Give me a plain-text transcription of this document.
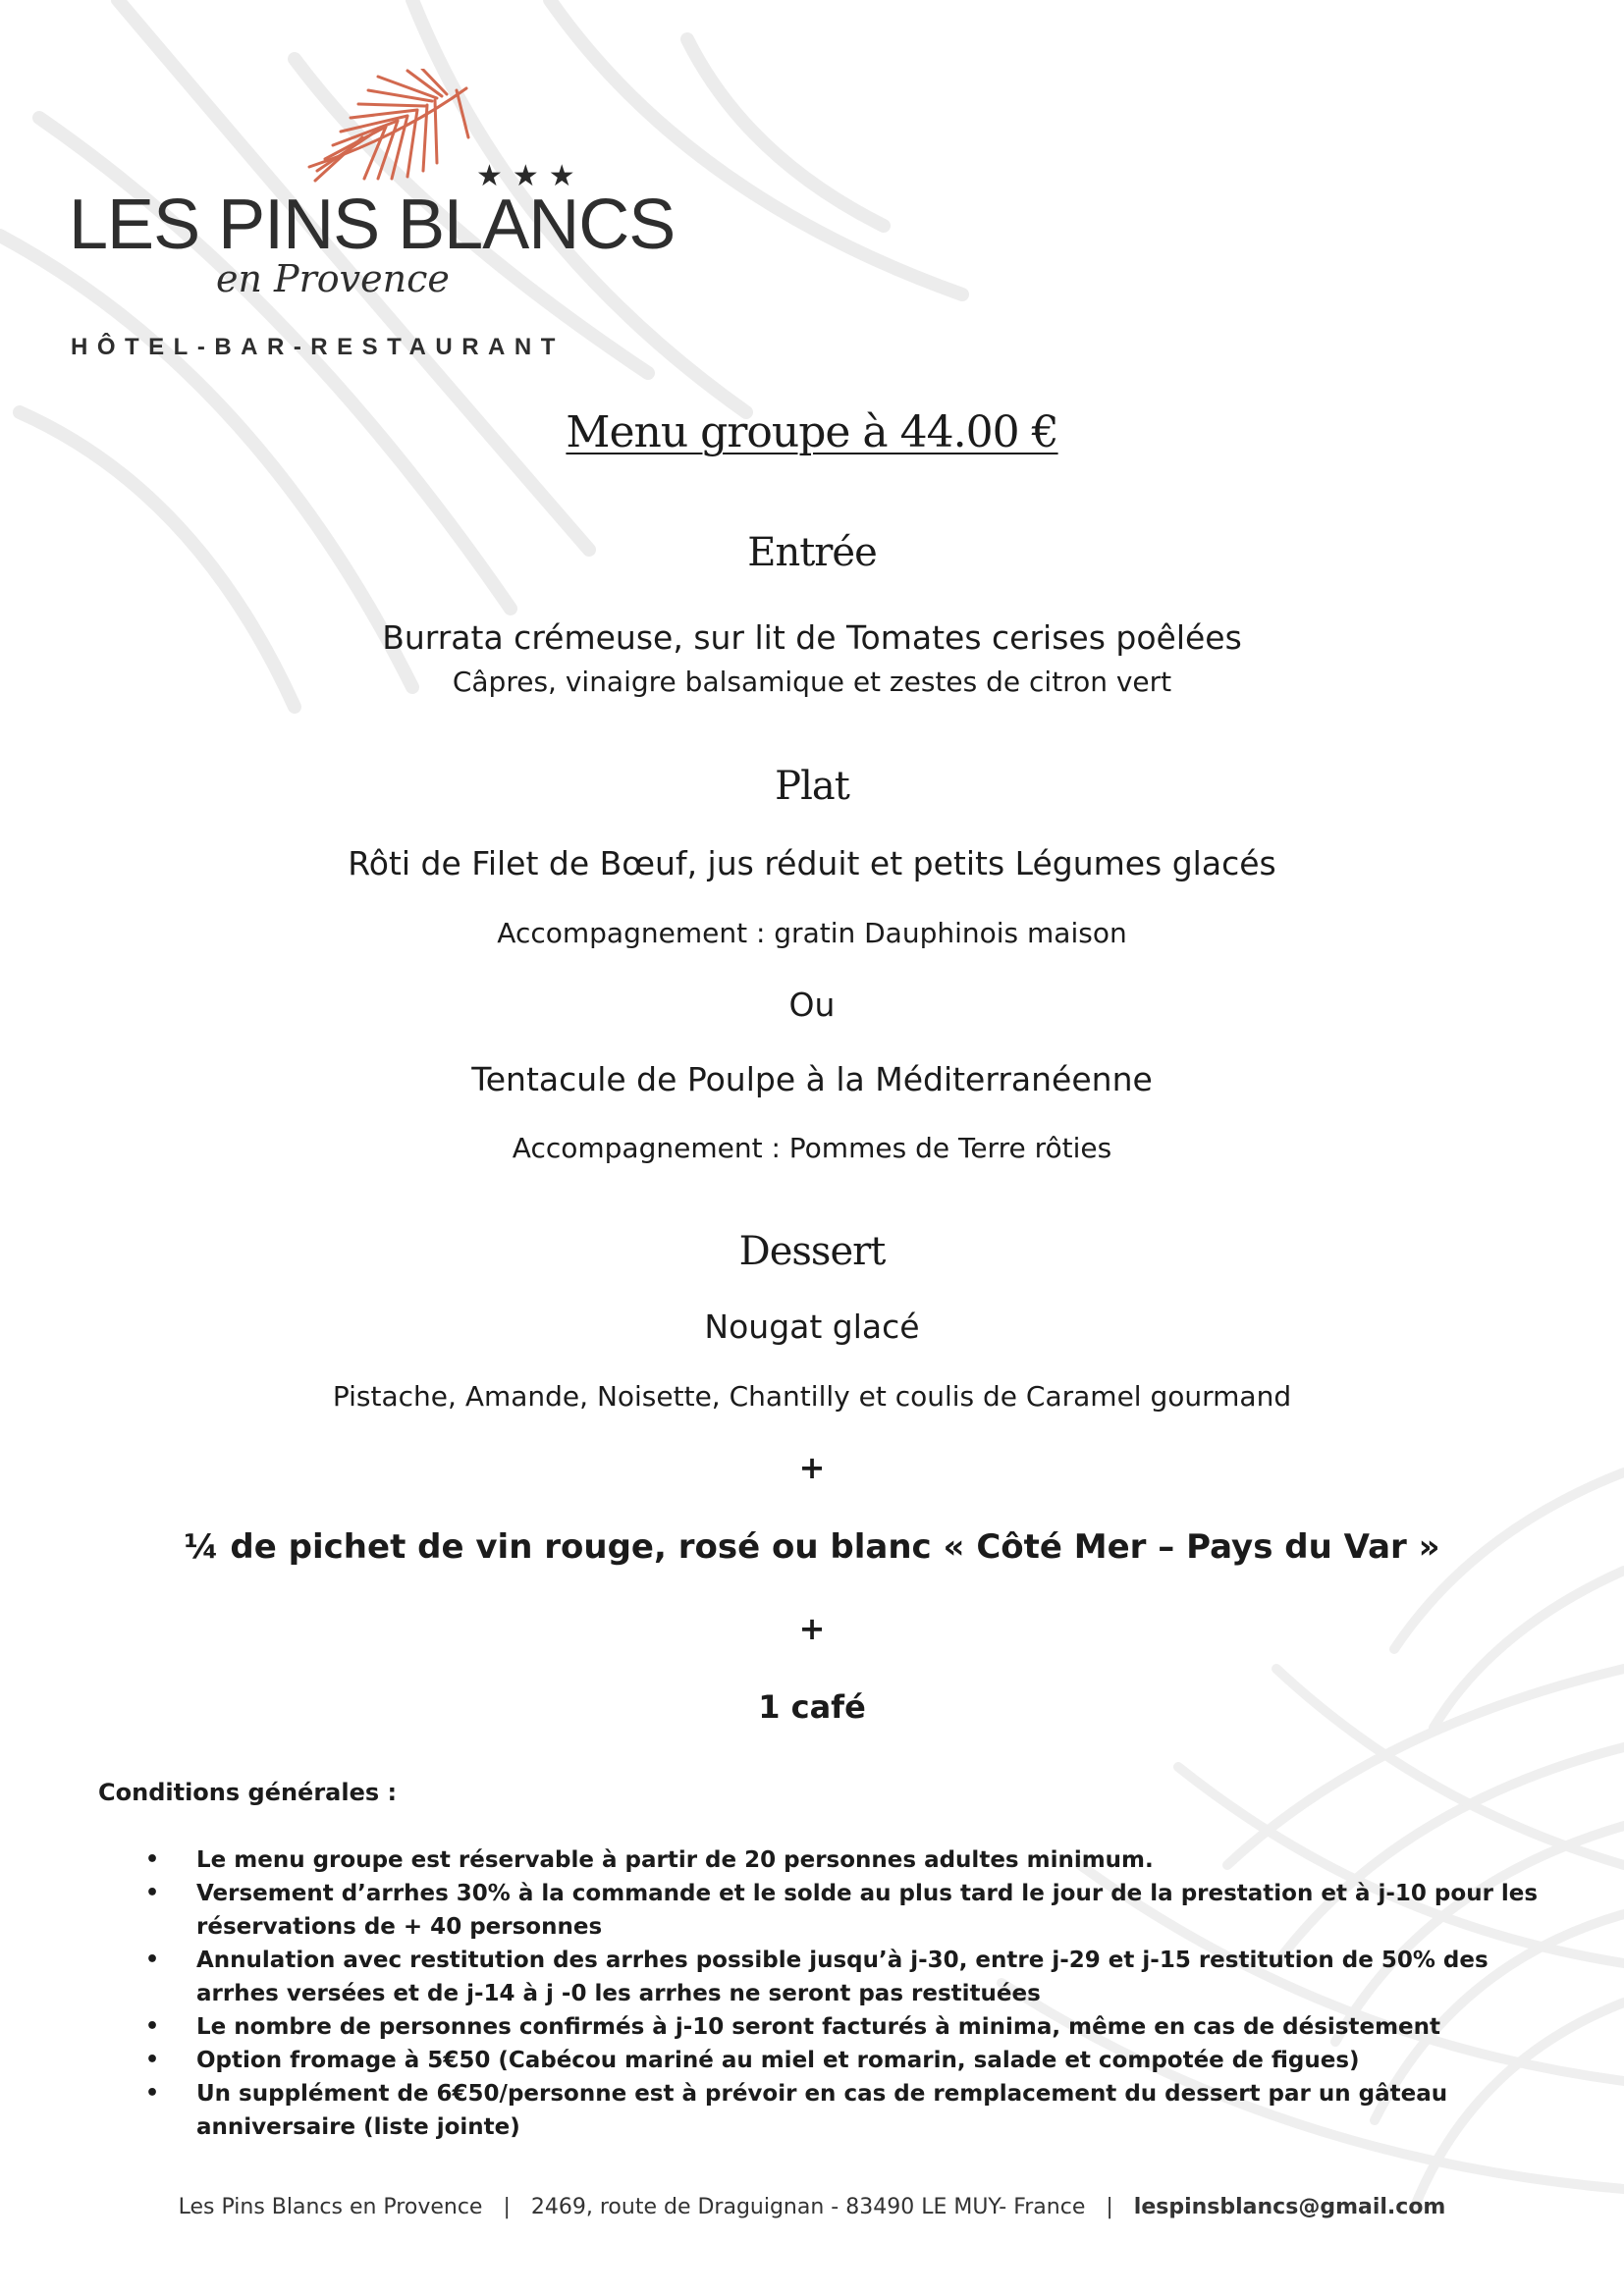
★★★
LES PINS BLANCS
en Provence
HÔTEL-BAR-RESTAURANT
Menu groupe à 44.00 €
Entrée
Burrata crémeuse, sur lit de Tomates cerises poêlées
Câpres, vinaigre balsamique et zestes de citron vert
Plat
Rôti de Filet de Bœuf, jus réduit et petits Légumes glacés
Accompagnement : gratin Dauphinois maison
Ou
Tentacule de Poulpe à la Méditerranéenne
Accompagnement : Pommes de Terre rôties
Dessert
Nougat glacé
Pistache, Amande, Noisette, Chantilly et coulis de Caramel gourmand
+
¼ de pichet de vin rouge, rosé ou blanc « Côté Mer – Pays du Var »
+
1 café
Conditions générales :
• Le menu groupe est réservable à partir de 20 personnes adultes minimum.
• Versement d’arrhes 30% à la commande et le solde au plus tard le jour de la prestation et à j-10 pour les réservations de + 40 personnes
• Annulation avec restitution des arrhes possible jusqu’à j-30, entre j-29 et j-15 restitution de 50% des arrhes versées et de j-14 à j -0 les arrhes ne seront pas restituées
• Le nombre de personnes confirmés à j-10 seront facturés à minima, même en cas de désistement
• Option fromage à 5€50 (Cabécou mariné au miel et romarin, salade et compotée de figues)
• Un supplément de 6€50/personne est à prévoir en cas de remplacement du dessert par un gâteau anniversaire (liste jointe)
Les Pins Blancs en Provence | 2469, route de Draguignan - 83490 LE MUY- France | lespinsblancs@gmail.com
